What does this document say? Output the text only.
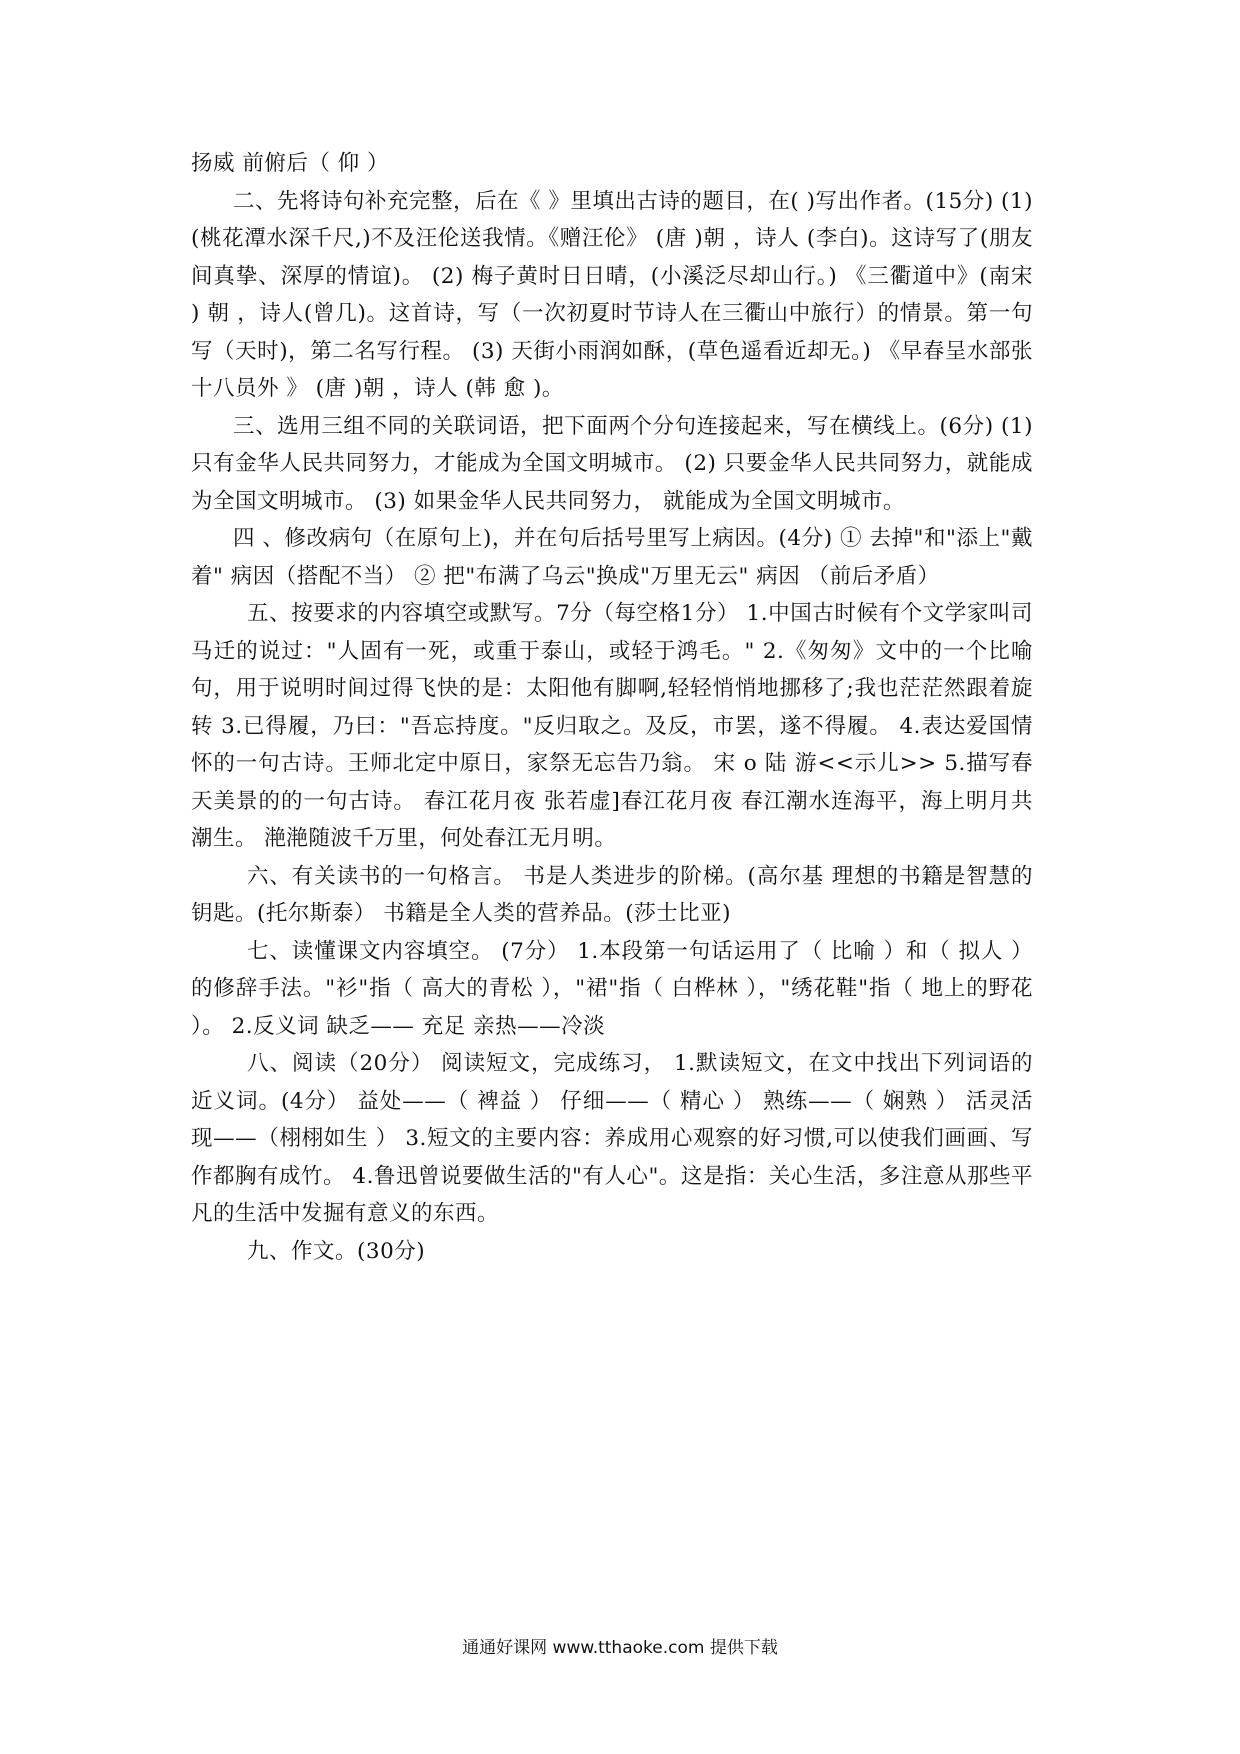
扬威 前俯后（ 仰 ）

二、先将诗句补充完整，后在《 》里填出古诗的题目，在( )写出作者。(15分) (1) (桃花潭水深千尺,)不及汪伦送我情。《赠汪伦》 (唐 )朝 ，诗人 (李白)。这诗写了(朋友间真挚、深厚的情谊)。 (2) 梅子黄时日日晴，(小溪泛尽却山行。) 《三衢道中》(南宋 ) 朝 ，诗人(曾几)。这首诗，写（一次初夏时节诗人在三衢山中旅行）的情景。第一句写（天时)，第二名写行程。 (3) 天街小雨润如酥，(草色遥看近却无。) 《早春呈水部张十八员外 》 (唐 )朝 ，诗人 (韩 愈 )。

三、选用三组不同的关联词语，把下面两个分句连接起来，写在横线上。(6分) (1) 只有金华人民共同努力，才能成为全国文明城市。 (2) 只要金华人民共同努力，就能成为全国文明城市。 (3) 如果金华人民共同努力， 就能成为全国文明城市。

四 、修改病句（在原句上)，并在句后括号里写上病因。(4分) ① 去掉"和"添上"戴着" 病因（搭配不当） ② 把"布满了乌云"换成"万里无云" 病因 （前后矛盾）

五、按要求的内容填空或默写。7分（每空格1分） 1.中国古时候有个文学家叫司马迁的说过："人固有一死，或重于泰山，或轻于鸿毛。" 2.《匆匆》文中的一个比喻句，用于说明时间过得飞快的是：太阳他有脚啊,轻轻悄悄地挪移了;我也茫茫然跟着旋转 3.已得履，乃曰："吾忘持度。"反归取之。及反，市罢，遂不得履。 4.表达爱国情怀的一句古诗。王师北定中原日，家祭无忘告乃翁。 宋 o 陆 游<<示儿>> 5.描写春天美景的的一句古诗。 春江花月夜 张若虚]春江花月夜 春江潮水连海平，海上明月共潮生。 滟滟随波千万里，何处春江无月明。

六、有关读书的一句格言。 书是人类进步的阶梯。(高尔基 理想的书籍是智慧的钥匙。(托尔斯泰） 书籍是全人类的营养品。(莎士比亚)

七、读懂课文内容填空。 (7分） 1.本段第一句话运用了（ 比喻 ）和（ 拟人 ）的修辞手法。"衫"指（ 高大的青松 ），"裙"指（ 白桦林 ），"绣花鞋"指（ 地上的野花 ）。 2.反义词 缺乏—— 充足 亲热——冷淡

八、阅读（20分） 阅读短文，完成练习， 1.默读短文，在文中找出下列词语的近义词。(4分） 益处——（ 裨益 ） 仔细——（ 精心 ） 熟练——（ 娴熟 ） 活灵活现——（栩栩如生 ） 3.短文的主要内容：养成用心观察的好习惯,可以使我们画画、写作都胸有成竹。 4.鲁迅曾说要做生活的"有人心"。这是指：关心生活，多注意从那些平凡的生活中发掘有意义的东西。

九、作文。(30分)

通通好课网 www.tthaoke.com 提供下载
